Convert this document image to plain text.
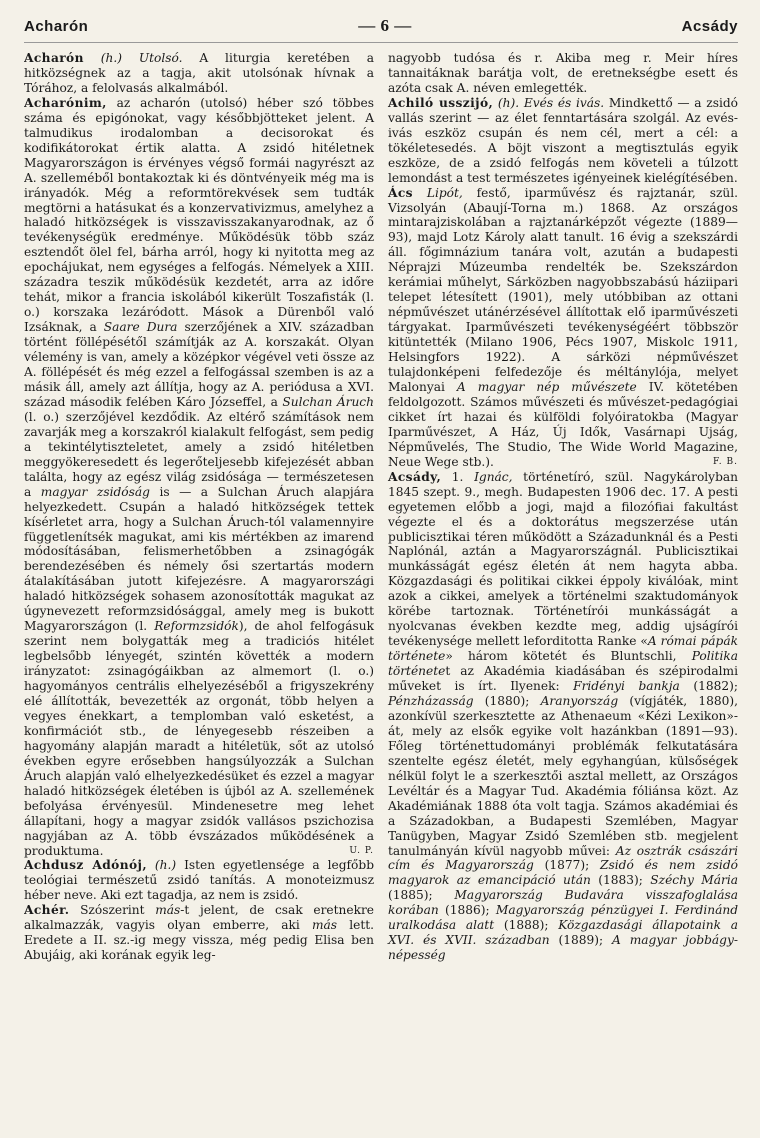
Acharón	— 6 —	Acsády

Acharón (h.) Utolsó. A liturgia keretében a hitközségnek az a tagja, akit utolsónak hívnak a Tórához, a felolvasás alkalmából.

Acharónim, az acharón (utolsó) héber szó többes száma és epigónokat, vagy későbbjötteket jelent. A talmudikus irodalomban a decisorokat és kodifikátorokat értik alatta. A zsidó hitéletnek Magyarországon is érvényes végső formái nagyrészt az A. szelleméből bontakoztak ki és döntvényeik még ma is irányadók. Még a reformtörekvések sem tudták megtörni a hatásukat és a konzervativizmus, amelyhez a haladó hitközségek is visszavisszakanyarodnak, az ő tevékenységük eredménye. Működésük több száz esztendőt ölel fel, bárha arról, hogy ki nyitotta meg az epochájukat, nem egységes a felfogás. Némelyek a XIII. századra teszik működésük kezdetét, arra az időre tehát, mikor a francia iskolából kikerült Toszafisták (l. o.) korszaka lezáródott. Mások a Dürenből való Izsáknak, a Saare Dura szerzőjének a XIV. században történt föllépésétől számítják az A. korszakát. Olyan vélemény is van, amely a középkor végével veti össze az A. föllépését és még ezzel a felfogással szemben is az a másik áll, amely azt állítja, hogy az A. periódusa a XVI. század második felében Káro Józseffel, a Sulchan Áruch (l. o.) szerzőjével kezdődik. Az eltérő számítások nem zavarják meg a korszakról kialakult felfogást, sem pedig a tekintélytiszteletet, amely a zsidó hitéletben meggyökeresedett és legerőteljesebb kifejezését abban találta, hogy az egész világ zsidósága — természetesen a magyar zsidóság is — a Sulchan Áruch alapjára helyezkedett. Csupán a haladó hitközségek tettek kísérletet arra, hogy a Sulchan Áruch-tól valamennyire függetlenítsék magukat, ami kis mértékben az imarend módosításában, felismerhetőbben a zsinagógák berendezésében és némely ősi szertartás modern átalakításában jutott kifejezésre. A magyarországi haladó hitközségek sohasem azonosították magukat az úgynevezett reformzsidósággal, amely meg is bukott Magyarországon (l. Reformzsidók), de ahol felfogásuk szerint nem bolygatták meg a tradiciós hitélet legbelsőbb lényegét, szintén követték a modern irányzatot: zsinagógáikban az almemort (l. o.) hagyományos centrális elhelyezéséből a frigyszekrény elé állították, bevezették az orgonát, több helyen a vegyes énekkart, a templomban való esketést, a konfirmációt stb., de lényegesebb részeiben a hagyomány alapján maradt a hitéletük, sőt az utolsó években egyre erősebben hangsúlyozzák a Sulchan Áruch alapján való elhelyezkedésüket és ezzel a magyar haladó hitközségek életében is újból az A. szellemének befolyása érvényesül. Mindenesetre meg lehet állapítani, hogy a magyar zsidók vallásos pszichozisa nagyjában az A. több évszázados működésének a produktuma.	U. P.

Achdusz Adónój, (h.) Isten egyetlensége a legfőbb teológiai természetű zsidó tanítás. A monoteizmusz héber neve. Aki ezt tagadja, az nem is zsidó.

Achér. Szószerint más-t jelent, de csak eretnekre alkalmazzák, vagyis olyan emberre, aki más lett. Eredete a II. sz.-ig megy vissza, még pedig Elisa ben Abujáig, aki korának egyik leg-

nagyobb tudósa és r. Akiba meg r. Meir híres tannaitáknak barátja volt, de eretnekségbe esett és azóta csak A. néven emlegették.

Achiló usszijó, (h). Evés és ivás. Mindkettő — a zsidó vallás szerint — az élet fenntartására szolgál. Az evés-ivás eszköz csupán és nem cél, mert a cél: a tökéletesedés. A böjt viszont a megtisztulás egyik eszköze, de a zsidó felfogás nem követeli a túlzott lemondást a test természetes igényeinek kielégítésében.

Ács Lipót, festő, iparművész és rajztanár, szül. Vizsolyán (Abaují-Torna m.) 1868. Az országos mintarajziskolában a rajztanárképzőt végezte (1889—93), majd Lotz Károly alatt tanult. 16 évig a szekszárdi áll. főgimnázium tanára volt, azután a budapesti Néprajzi Múzeumba rendelték be. Szekszárdon kerámiai műhelyt, Sárközben nagyobbszabású háziipari telepet létesített (1901), mely utóbbiban az ottani népművészet utánérzésével állítottak elő iparművészeti tárgyakat. Iparművészeti tevékenységéért többször kitüntették (Milano 1906, Pécs 1907, Miskolc 1911, Helsingfors 1922). A sárközi népművészet tulajdonképeni felfedezője és méltánylója, melyet Malonyai A magyar nép művészete IV. kötetében feldolgozott. Számos művészeti és művészet-pedagógiai cikket írt hazai és külföldi folyóiratokba (Magyar Iparművészet, A Ház, Új Idők, Vasárnapi Ujság, Népművelés, The Studio, The Wide World Magazine, Neue Wege stb.).	F. B.

Acsády, 1. Ignác, történetíró, szül. Nagykárolyban 1845 szept. 9., megh. Budapesten 1906 dec. 17. A pesti egyetemen előbb a jogi, majd a filozófiai fakultást végezte el és a doktorátus megszerzése után publicisztikai téren működött a Századunknál és a Pesti Naplónál, aztán a Magyarországnál. Publicisztikai munkásságát egész életén át nem hagyta abba. Közgazdasági és politikai cikkei éppoly kiválóak, mint azok a cikkei, amelyek a történelmi szaktudományok körébe tartoznak. Történetírói munkásságát a nyolcvanas években kezdte meg, addig ujságírói tevékenysége mellett leforditotta Ranke «A római pápák története» három kötetét és Bluntschli, Politika történetet az Akadémia kiadásában és szépirodalmi műveket is írt. Ilyenek: Fridényi bankja (1882); Pénzházasság (1880); Aranyország (vígjáték, 1880), azonkívül szerkesztette az Athenaeum «Kézi Lexikon»-át, mely az elsők egyike volt hazánkban (1891—93). Főleg történettudományi problémák felkutatására szentelte egész életét, mely egyhangúan, külsőségek nélkül folyt le a szerkesztői asztal mellett, az Országos Levéltár és a Magyar Tud. Akadémia fóliánsa közt. Az Akadémiának 1888 óta volt tagja. Számos akadémiai és a Századokban, a Budapesti Szemlében, Magyar Tanügyben, Magyar Zsidó Szemlében stb. megjelent tanulmányán kívül nagyobb művei: Az osztrák császári cím és Magyarország (1877); Zsidó és nem zsidó magyarok az emancipáció után (1883); Széchy Mária (1885); Magyarország Budavára visszafoglalása korában (1886); Magyarország pénzügyei I. Ferdinánd uralkodása alatt (1888); Közgazdasági állapotaink a XVI. és XVII. században (1889); A magyar jobbágy-népesség
